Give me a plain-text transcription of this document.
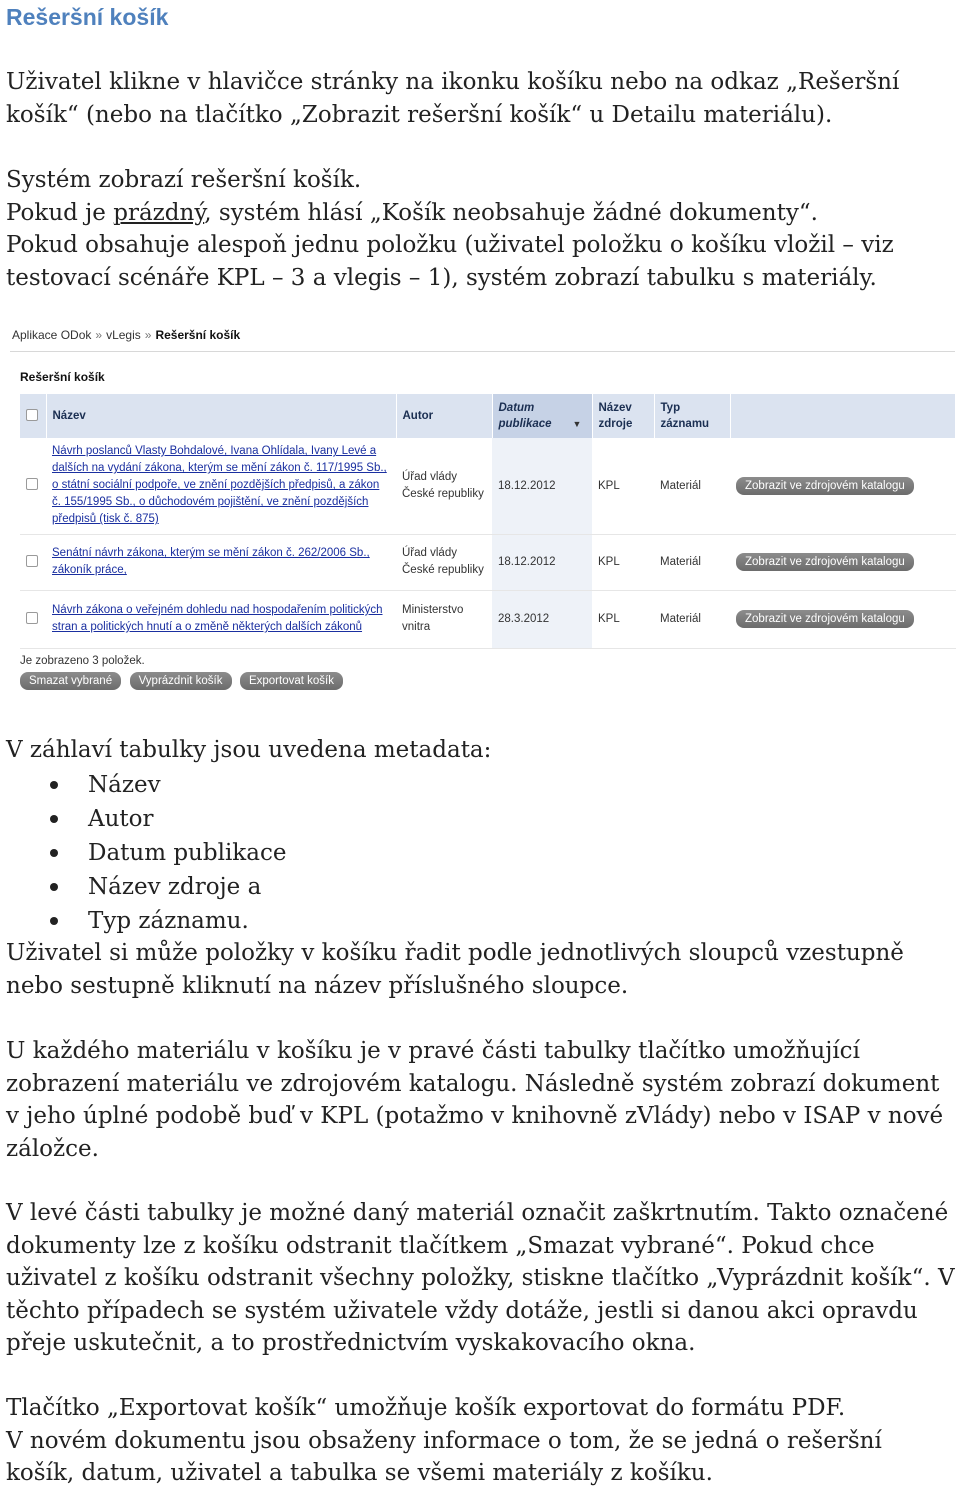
Rešeršní košík
Uživatel klikne v hlavičce stránky na ikonku košíku nebo na odkaz „Rešeršní košík“ (nebo na tlačítko „Zobrazit rešeršní košík“ u Detailu materiálu).
Systém zobrazí rešeršní košík.
Pokud je prázdný, systém hlásí „Košík neobsahuje žádné dokumenty“.
Pokud obsahuje alespoň jednu položku (uživatel položku o košíku vložil – viz testovací scénáře KPL – 3 a vlegis – 1), systém zobrazí tabulku s materiály.
Aplikace ODok » vLegis » Rešeršní košík
Rešeršní košík
	Název	Autor	Datum publikace ▼	Název zdroje	Typ záznamu	
	Návrh poslanců Vlasty Bohdalové, Ivana Ohlídala, Ivany Levé a dalších na vydání zákona, kterým se mění zákon č. 117/1995 Sb., o státní sociální podpoře, ve znění pozdějších předpisů, a zákon č. 155/1995 Sb., o důchodovém pojištění, ve znění pozdějších předpisů (tisk č. 875)	Úřad vlády České republiky	18.12.2012	KPL	Materiál	Zobrazit ve zdrojovém katalogu
	Senátní návrh zákona, kterým se mění zákon č. 262/2006 Sb., zákoník práce,	Úřad vlády České republiky	18.12.2012	KPL	Materiál	Zobrazit ve zdrojovém katalogu
	Návrh zákona o veřejném dohledu nad hospodařením politických stran a politických hnutí a o změně některých dalších zákonů	Ministerstvo vnitra	28.3.2012	KPL	Materiál	Zobrazit ve zdrojovém katalogu
Je zobrazeno 3 položek.
Smazat vybrané Vyprázdnit košík Exportovat košík
V záhlaví tabulky jsou uvedena metadata:
Název
Autor
Datum publikace
Název zdroje a
Typ záznamu.
Uživatel si může položky v košíku řadit podle jednotlivých sloupců vzestupně nebo sestupně kliknutí na název příslušného sloupce.
U každého materiálu v košíku je v pravé části tabulky tlačítko umožňující zobrazení materiálu ve zdrojovém katalogu. Následně systém zobrazí dokument v jeho úplné podobě buď v KPL (potažmo v knihovně zVlády) nebo v ISAP v nové záložce.
V levé části tabulky je možné daný materiál označit zaškrtnutím. Takto označené dokumenty lze z košíku odstranit tlačítkem „Smazat vybrané“. Pokud chce uživatel z košíku odstranit všechny položky, stiskne tlačítko „Vyprázdnit košík“. V těchto případech se systém uživatele vždy dotáže, jestli si danou akci opravdu přeje uskutečnit, a to prostřednictvím vyskakovacího okna.
Tlačítko „Exportovat košík“ umožňuje košík exportovat do formátu PDF.
V novém dokumentu jsou obsaženy informace o tom, že se jedná o rešeršní košík, datum, uživatel a tabulka se všemi materiály z košíku.
